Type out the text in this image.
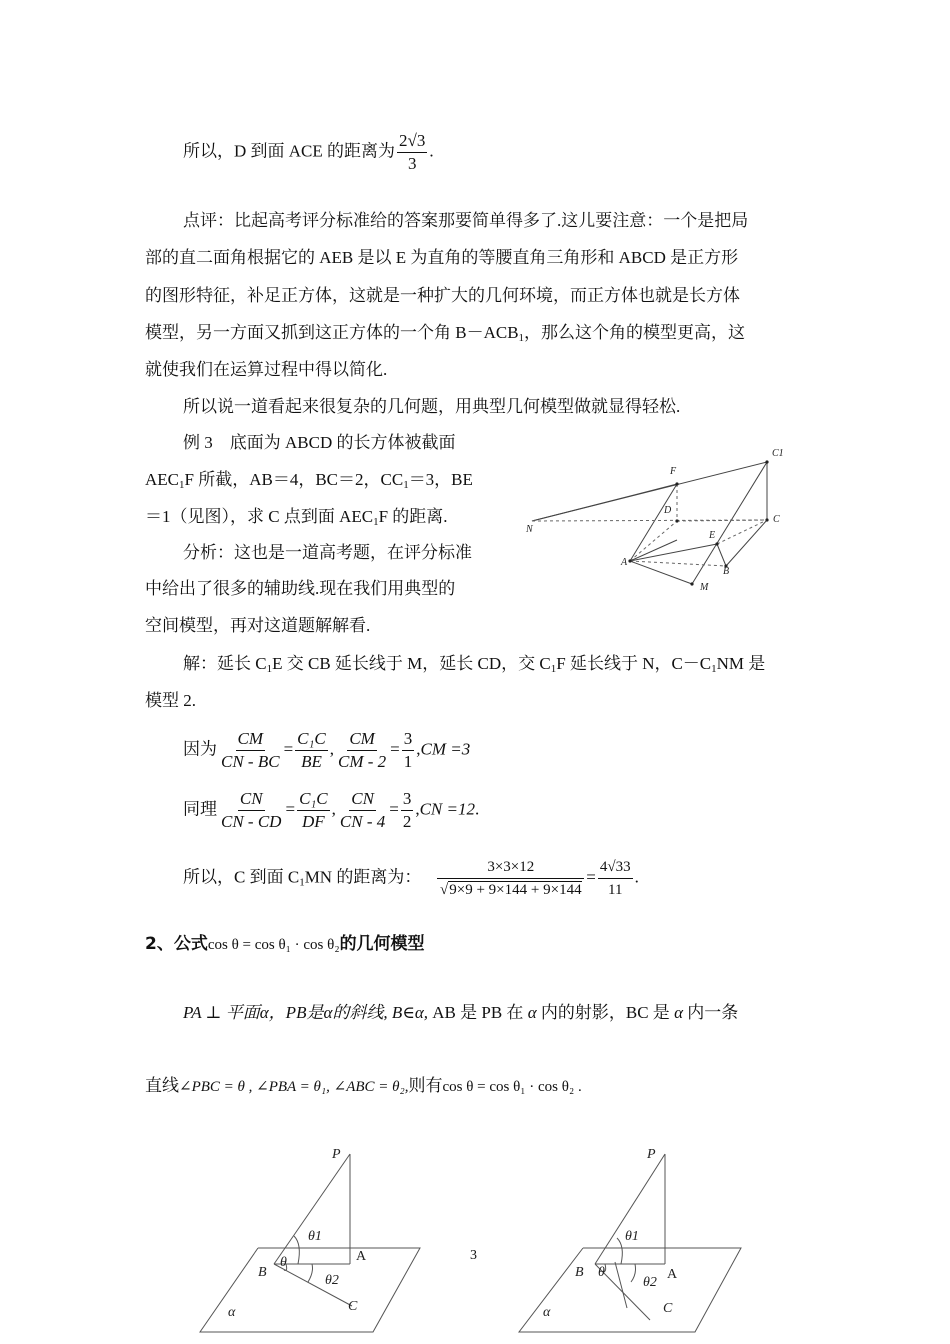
所以，D 到面 ACE 的距离为 $\frac{2√3}{3}$ .
点评：比起高考评分标准给的答案那要简单得多了.这儿要注意：一个是把局
部的直二面角根据它的 AEB 是以 E 为直角的等腰直角三角形和 ABCD 是正方形
的图形特征，补足正方体，这就是一种扩大的几何环境，而正方体也就是长方体
模型，另一方面又抓到这正方体的一个角 $B-ACB_1$，那么这个角的模型更高，这
就使我们在运算过程中得以简化.
所以说一道看起来很复杂的几何题，用典型几何模型做就显得轻松.
例 3　底面为 ABCD 的长方体被截面
$AEC_1F$ 所截，AB＝4，BC＝2，$CC_1=3$，BE
＝1（见图），求 C 点到面 $AEC_1F$ 的距离.
分析：这也是一道高考题，在评分标准
中给出了很多的辅助线.现在我们用典型的
空间模型，再对这道题解解看.
C1
F
D
C
N
E
A
B
M
解：延长 $C_1E$ 交 CB 延长线于 M，延长 CD，交 $C_1F$ 延长线于 N，$C-C_1NM$ 是
模型 2.
因为 $\frac{CM}{CN - BC} = \frac{\text{C₁C}}{BE}$ , $\frac{CM}{CM - 2} = \frac{3}{1} ,CM =3$
同理 $\frac{CN}{CN - CD} = \frac{\text{C₁C}}{DF}$ , $\frac{CN}{CN - 4} = \frac{3}{2} ,CN =12$.
所以，C 到面 $C_1MN$ 的距离为： $\frac{3\times 3\times 12}{√9\times 9 + 9\times 144 + 9\times 144} = \frac{4√33}{11}$ .
2、公式cos θ = cos θ₁ · cos θ₂的几何模型
PA ⊥ 平面α，PB是α的斜线, B∈α, AB 是 PB 在 α 内的射影，BC 是 α 内一条
直线∠PBC = θ , ∠PBA = θ₁, ∠ABC = θ₂,则有cos θ = cos θ₁ · cos θ₂ .
P
θ1
A
B
θ
θ2
C
α
3
P
θ1
B θ
θ2
A
C
α
